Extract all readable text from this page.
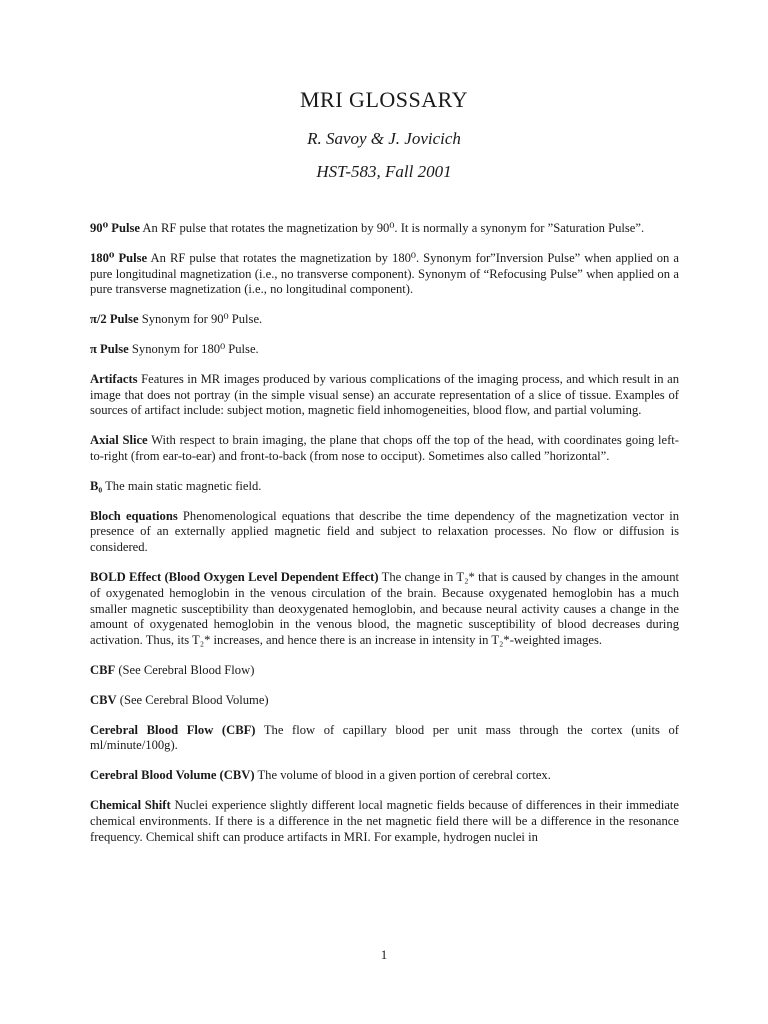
MRI GLOSSARY
R. Savoy & J. Jovicich
HST-583, Fall 2001

90⁰ Pulse An RF pulse that rotates the magnetization by 90⁰. It is normally a synonym for ”Saturation Pulse”.

180⁰ Pulse An RF pulse that rotates the magnetization by 180⁰. Synonym for”Inversion Pulse” when applied on a pure longitudinal magnetization (i.e., no transverse component). Synonym of “Refocusing Pulse” when applied on a pure transverse magnetization (i.e., no longitudinal component).

π/2 Pulse Synonym for 90⁰ Pulse.

π Pulse Synonym for 180⁰ Pulse.

Artifacts Features in MR images produced by various complications of the imaging process, and which result in an image that does not portray (in the simple visual sense) an accurate representation of a slice of tissue. Examples of sources of artifact include: subject motion, magnetic field inhomogeneities, blood flow, and partial voluming.

Axial Slice With respect to brain imaging, the plane that chops off the top of the head, with coordinates going left-to-right (from ear-to-ear) and front-to-back (from nose to occiput). Sometimes also called ”horizontal”.

B₀ The main static magnetic field.

Bloch equations Phenomenological equations that describe the time dependency of the magnetization vector in presence of an externally applied magnetic field and subject to relaxation processes. No flow or diffusion is considered.

BOLD Effect (Blood Oxygen Level Dependent Effect) The change in T₂* that is caused by changes in the amount of oxygenated hemoglobin in the venous circulation of the brain. Because oxygenated hemoglobin has a much smaller magnetic susceptibility than deoxygenated hemoglobin, and because neural activity causes a change in the amount of oxygenated hemoglobin in the venous blood, the magnetic susceptibility of blood decreases during activation. Thus, its T₂* increases, and hence there is an increase in intensity in T₂*-weighted images.

CBF (See Cerebral Blood Flow)

CBV (See Cerebral Blood Volume)

Cerebral Blood Flow (CBF) The flow of capillary blood per unit mass through the cortex (units of ml/minute/100g).

Cerebral Blood Volume (CBV) The volume of blood in a given portion of cerebral cortex.

Chemical Shift Nuclei experience slightly different local magnetic fields because of differences in their immediate chemical environments. If there is a difference in the net magnetic field there will be a difference in the resonance frequency. Chemical shift can produce artifacts in MRI. For example, hydrogen nuclei in

1
